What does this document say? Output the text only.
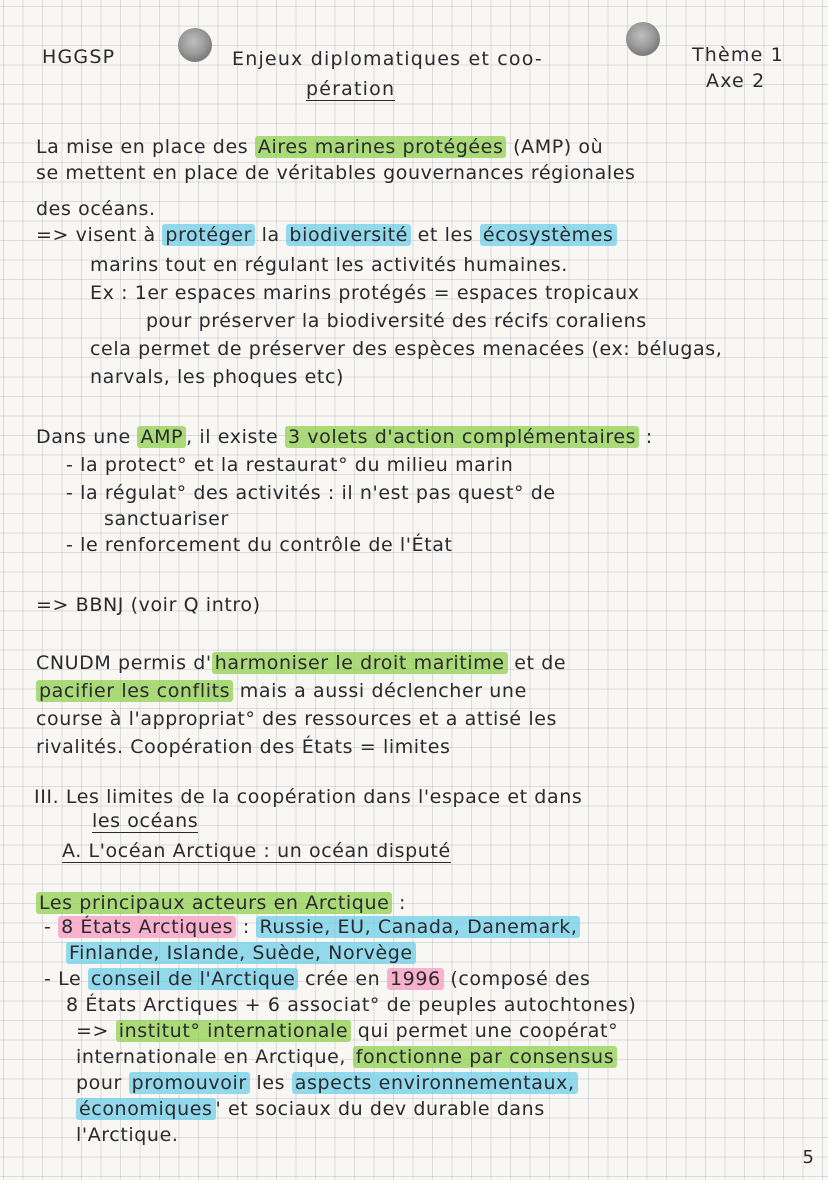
HGGSP	Enjeux diplomatiques et coo-
pération
Thème 1
Axe 2
La mise en place des Aires marines protégées (AMP) où
se mettent en place de véritables gouvernances régionales
des océans.
=> visent à protéger la biodiversité et les écosystèmes
marins tout en régulant les activités humaines.
Ex : 1er espaces marins protégés = espaces tropicaux
pour préserver la biodiversité des récifs coraliens
cela permet de préserver des espèces menacées (ex: bélugas,
narvals, les phoques etc)
Dans une AMP , il existe 3 volets d'action complémentaires :
- la protect° et la restaurat° du milieu marin
- la régulat° des activités : il n'est pas quest° de
sanctuariser
- le renforcement du contrôle de l'État
=> BBNJ (voir Q intro)
CNUDM permis d' harmoniser le droit maritime et de
pacifier les conflits mais a aussi déclencher une
course à l'appropriat° des ressources et a attisé les
rivalités. Coopération des États = limites
III. Les limites de la coopération dans l'espace et dans
les océans
A. L'océan Arctique : un océan disputé
Les principaux acteurs en Arctique :
- 8 États Arctiques : Russie, EU, Canada, Danemark,
Finlande, Islande, Suède, Norvège
- Le conseil de l'Arctique crée en 1996 (composé des
8 États Arctiques + 6 associat° de peuples autochtones)
=> institut° internationale qui permet une coopérat°
internationale en Arctique, fonctionne par consensus
pour promouvoir les aspects environnementaux,
économiques ' et sociaux du dev durable dans
l'Arctique.
5
